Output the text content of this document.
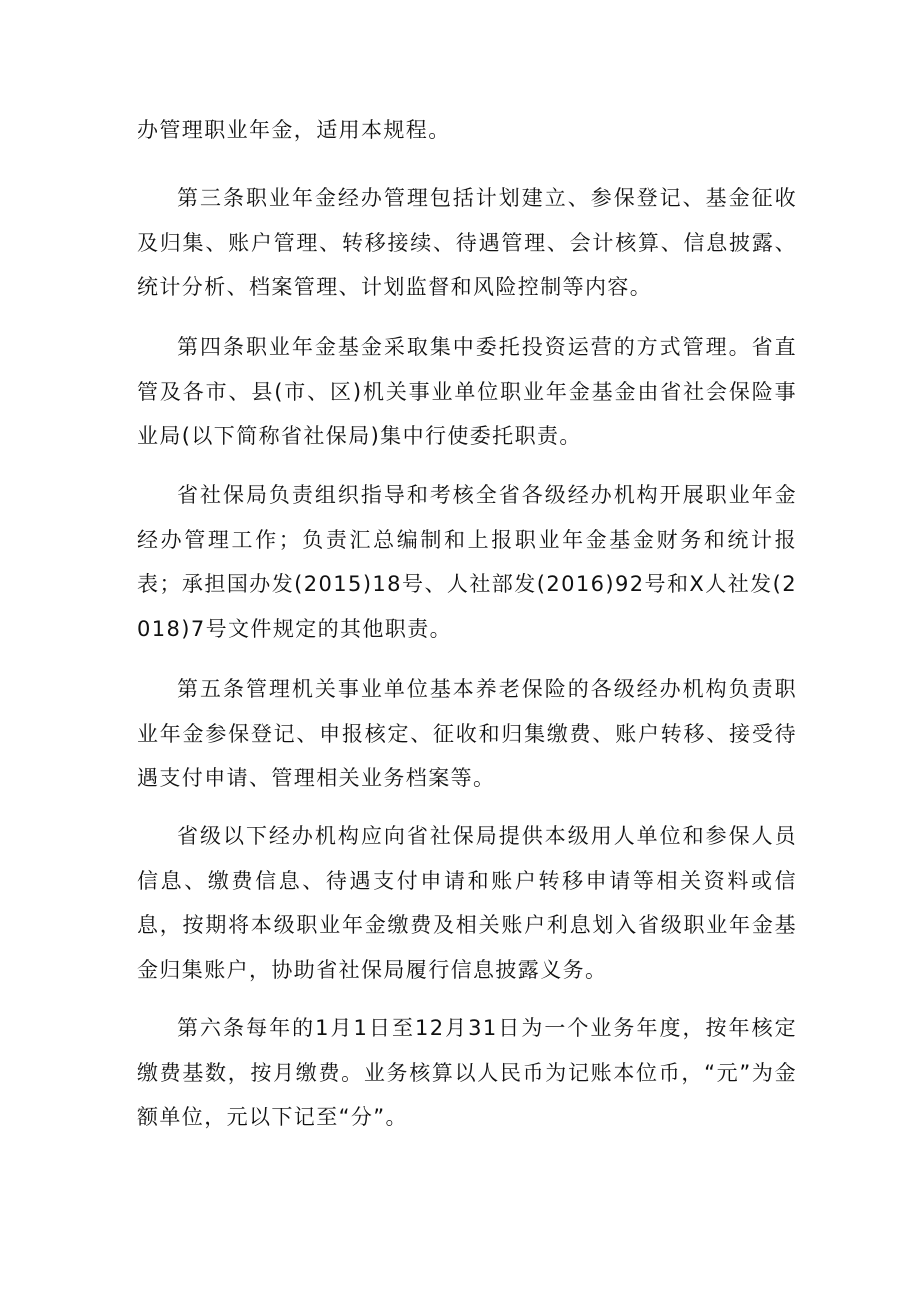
办管理职业年金，适用本规程。

第三条职业年金经办管理包括计划建立、参保登记、基金征收及归集、账户管理、转移接续、待遇管理、会计核算、信息披露、统计分析、档案管理、计划监督和风险控制等内容。

第四条职业年金基金采取集中委托投资运营的方式管理。省直管及各市、县(市、区)机关事业单位职业年金基金由省社会保险事业局(以下简称省社保局)集中行使委托职责。

省社保局负责组织指导和考核全省各级经办机构开展职业年金经办管理工作；负责汇总编制和上报职业年金基金财务和统计报表；承担国办发(2015)18号、人社部发(2016)92号和X人社发(2018)7号文件规定的其他职责。

第五条管理机关事业单位基本养老保险的各级经办机构负责职业年金参保登记、申报核定、征收和归集缴费、账户转移、接受待遇支付申请、管理相关业务档案等。

省级以下经办机构应向省社保局提供本级用人单位和参保人员信息、缴费信息、待遇支付申请和账户转移申请等相关资料或信息，按期将本级职业年金缴费及相关账户利息划入省级职业年金基金归集账户，协助省社保局履行信息披露义务。

第六条每年的1月1日至12月31日为一个业务年度，按年核定缴费基数，按月缴费。业务核算以人民币为记账本位币，“元”为金额单位，元以下记至“分”。
